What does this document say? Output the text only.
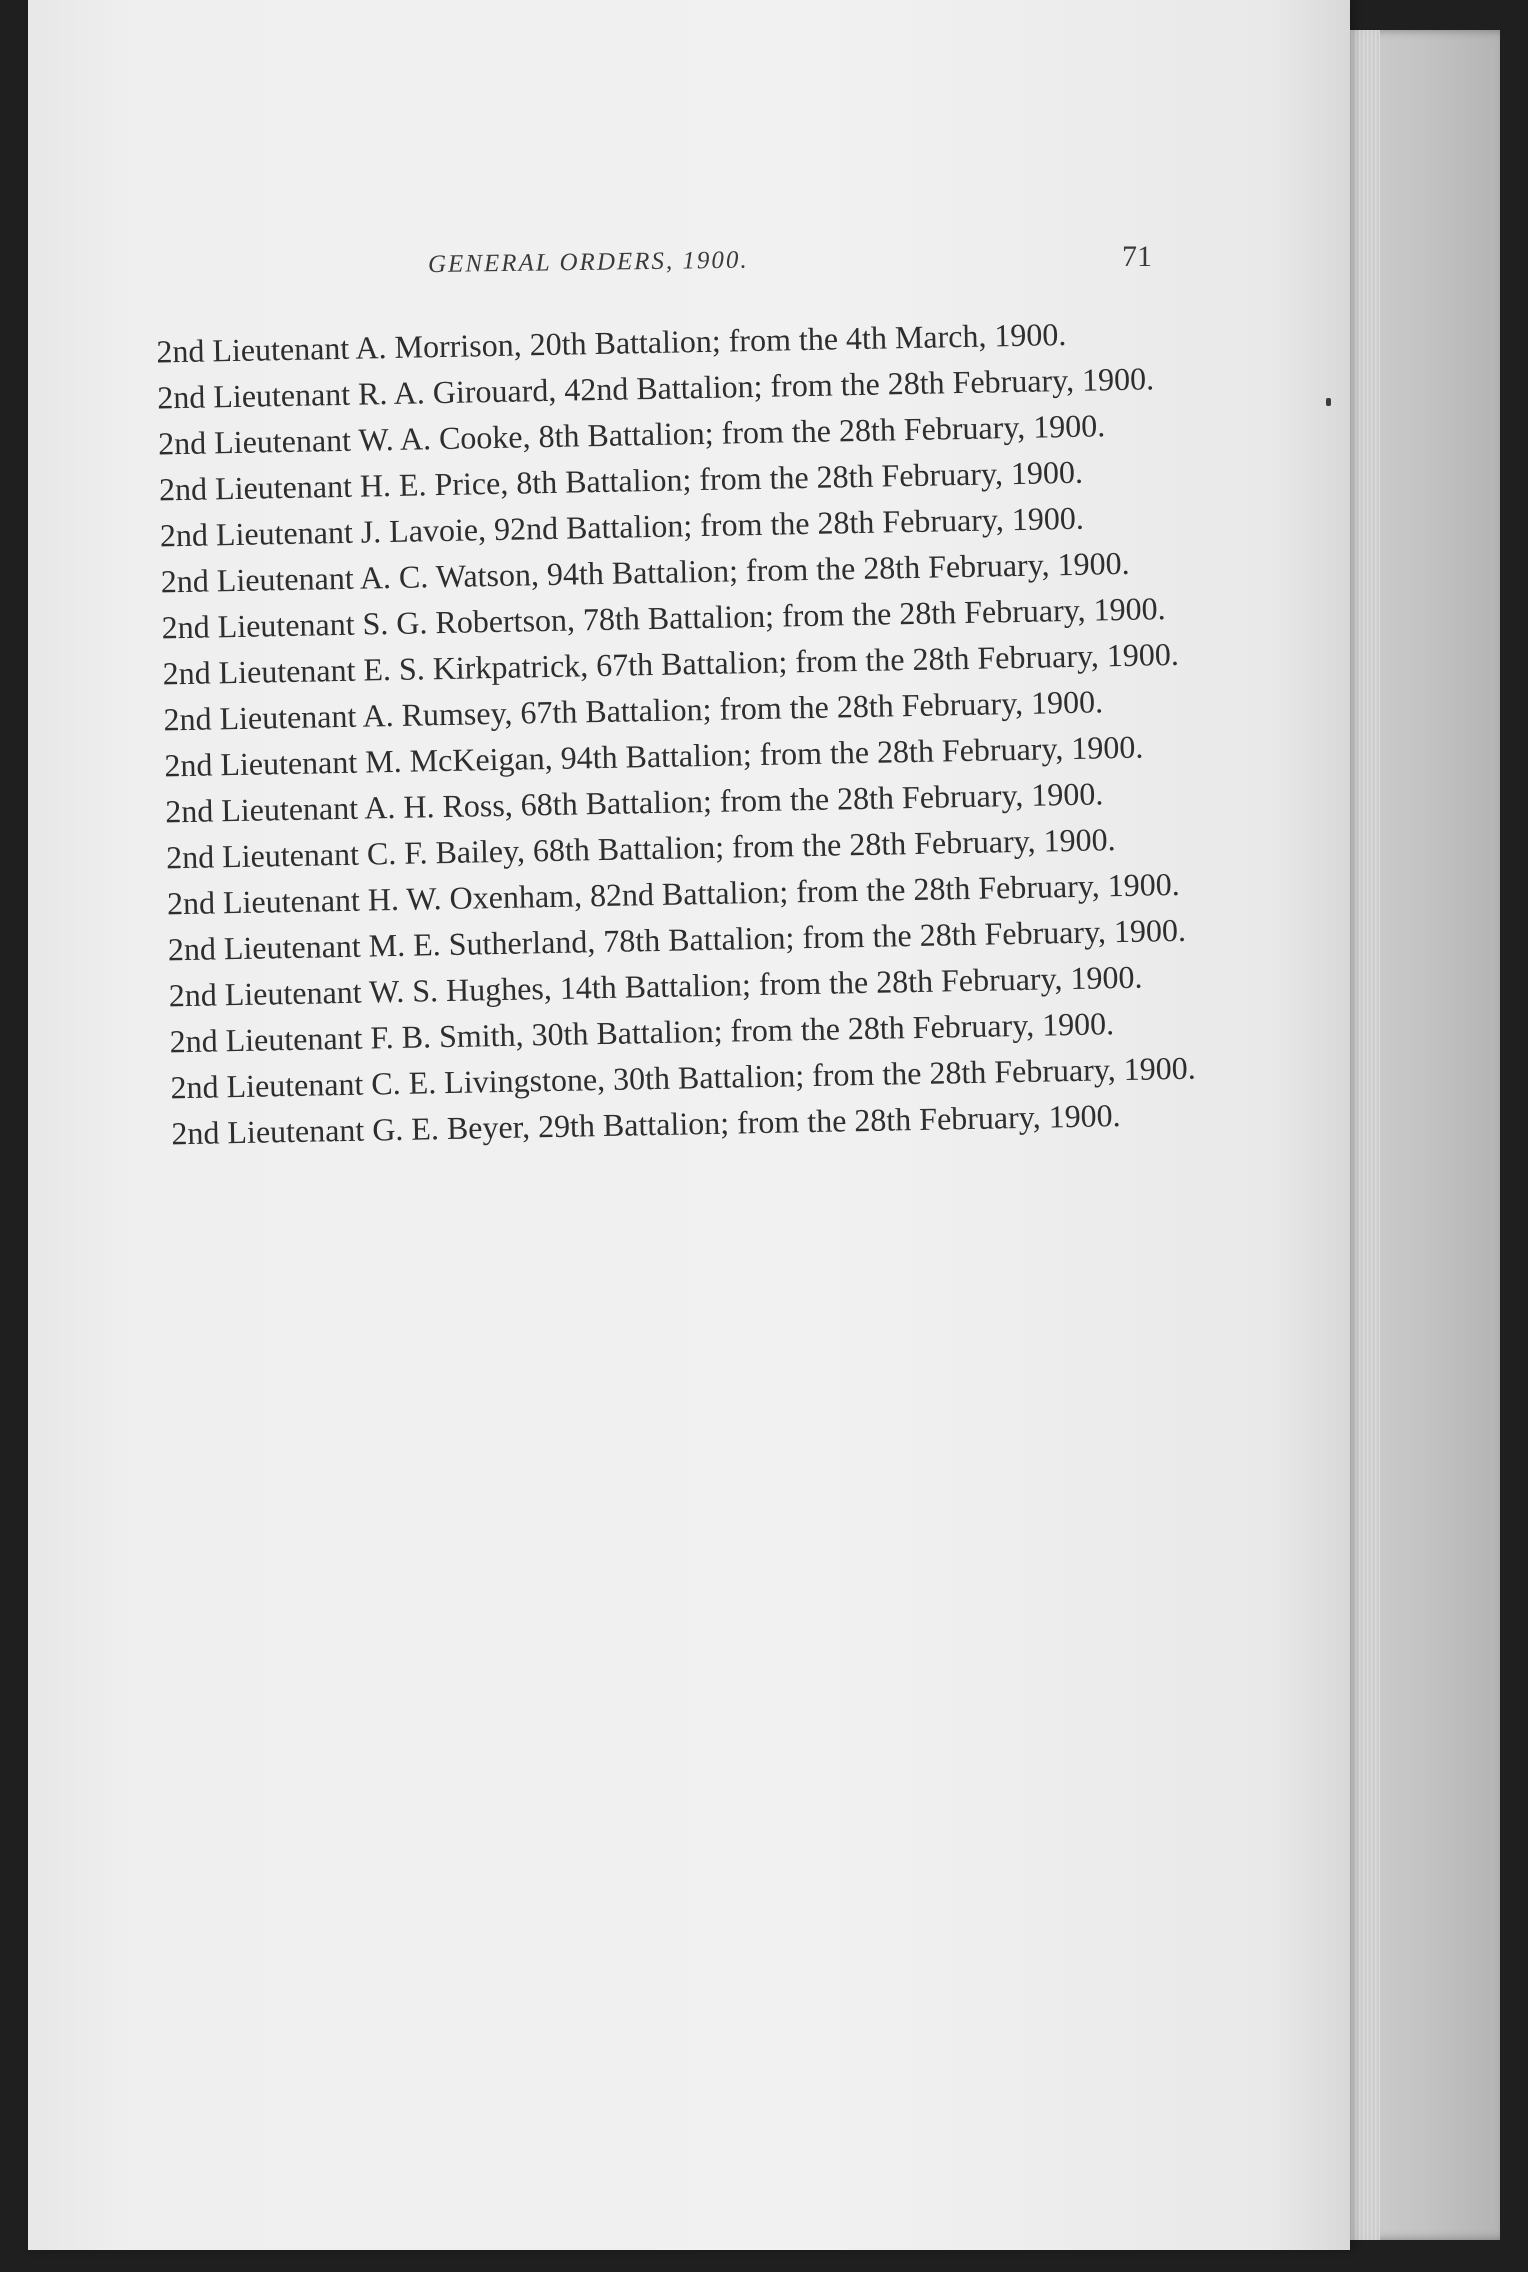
GENERAL ORDERS, 1900.	71

2nd Lieutenant A. Morrison, 20th Battalion; from the 4th March, 1900.

2nd Lieutenant R. A. Girouard, 42nd Battalion; from the 28th February, 1900.

2nd Lieutenant W. A. Cooke, 8th Battalion; from the 28th February, 1900.

2nd Lieutenant H. E. Price, 8th Battalion; from the 28th February, 1900.

2nd Lieutenant J. Lavoie, 92nd Battalion; from the 28th February, 1900.

2nd Lieutenant A. C. Watson, 94th Battalion; from the 28th February, 1900.

2nd Lieutenant S. G. Robertson, 78th Battalion; from the 28th February, 1900.

2nd Lieutenant E. S. Kirkpatrick, 67th Battalion; from the 28th February, 1900.

2nd Lieutenant A. Rumsey, 67th Battalion; from the 28th February, 1900.

2nd Lieutenant M. McKeigan, 94th Battalion; from the 28th February, 1900.

2nd Lieutenant A. H. Ross, 68th Battalion; from the 28th February, 1900.

2nd Lieutenant C. F. Bailey, 68th Battalion; from the 28th February, 1900.

2nd Lieutenant H. W. Oxenham, 82nd Battalion; from the 28th February, 1900.

2nd Lieutenant M. E. Sutherland, 78th Battalion; from the 28th February, 1900.

2nd Lieutenant W. S. Hughes, 14th Battalion; from the 28th February, 1900.

2nd Lieutenant F. B. Smith, 30th Battalion; from the 28th February, 1900.

2nd Lieutenant C. E. Livingstone, 30th Battalion; from the 28th February, 1900.

2nd Lieutenant G. E. Beyer, 29th Battalion; from the 28th February, 1900.
